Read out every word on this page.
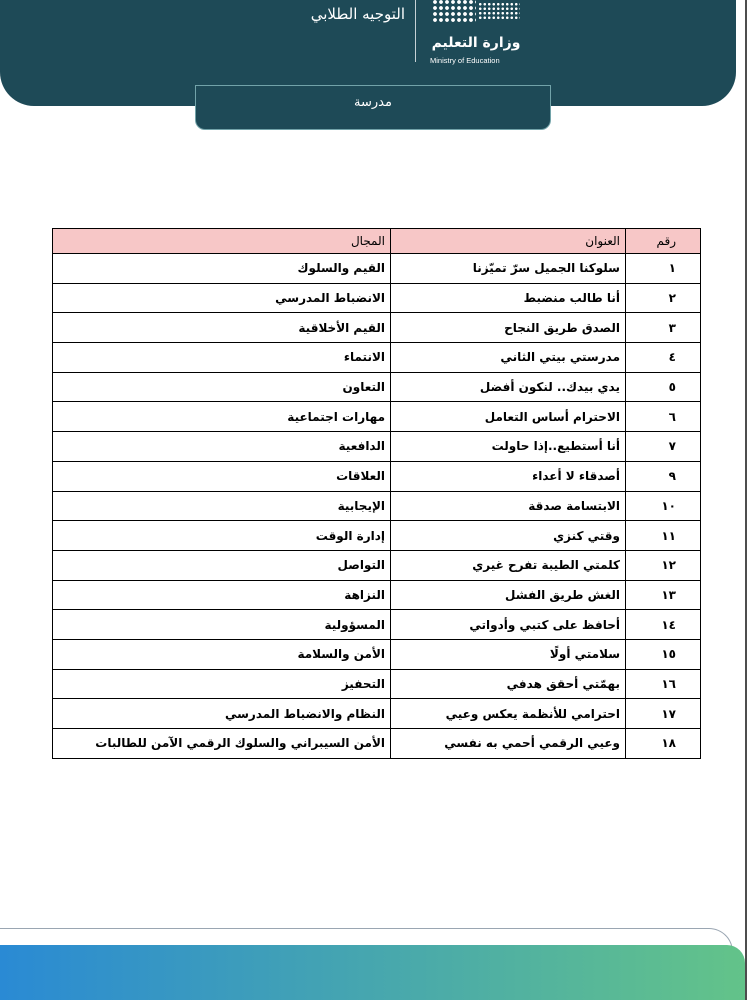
التوجيه الطلابي
وزارة التعليم
Ministry of Education
مدرسة
رقم	العنوان	المجال
١	سلوكنا الجميل سرّ تميّزنا	القيم والسلوك
٢	أنا طالب منضبط	الانضباط المدرسي
٣	الصدق طريق النجاح	القيم الأخلاقية
٤	مدرستي بيتي الثاني	الانتماء
٥	يدي بيدك.. لنكون أفضل	التعاون
٦	الاحترام أساس التعامل	مهارات اجتماعية
٧	أنا أستطيع..إذا حاولت	الدافعية
٩	أصدقاء لا أعداء	العلاقات
١٠	الابتسامة صدقة	الإيجابية
١١	وقتي كنزي	إدارة الوقت
١٢	كلمتي الطيبة تفرح غيري	التواصل
١٣	الغش طريق الفشل	النزاهة
١٤	أحافظ على كتبي وأدواتي	المسؤولية
١٥	سلامتي أولًا	الأمن والسلامة
١٦	بهمّتي أحقق هدفي	التحفيز
١٧	احترامي للأنظمة يعكس وعيي	النظام والانضباط المدرسي
١٨	وعيي الرقمي أحمي به نفسي	الأمن السيبراني والسلوك الرقمي الآمن للطالبات
